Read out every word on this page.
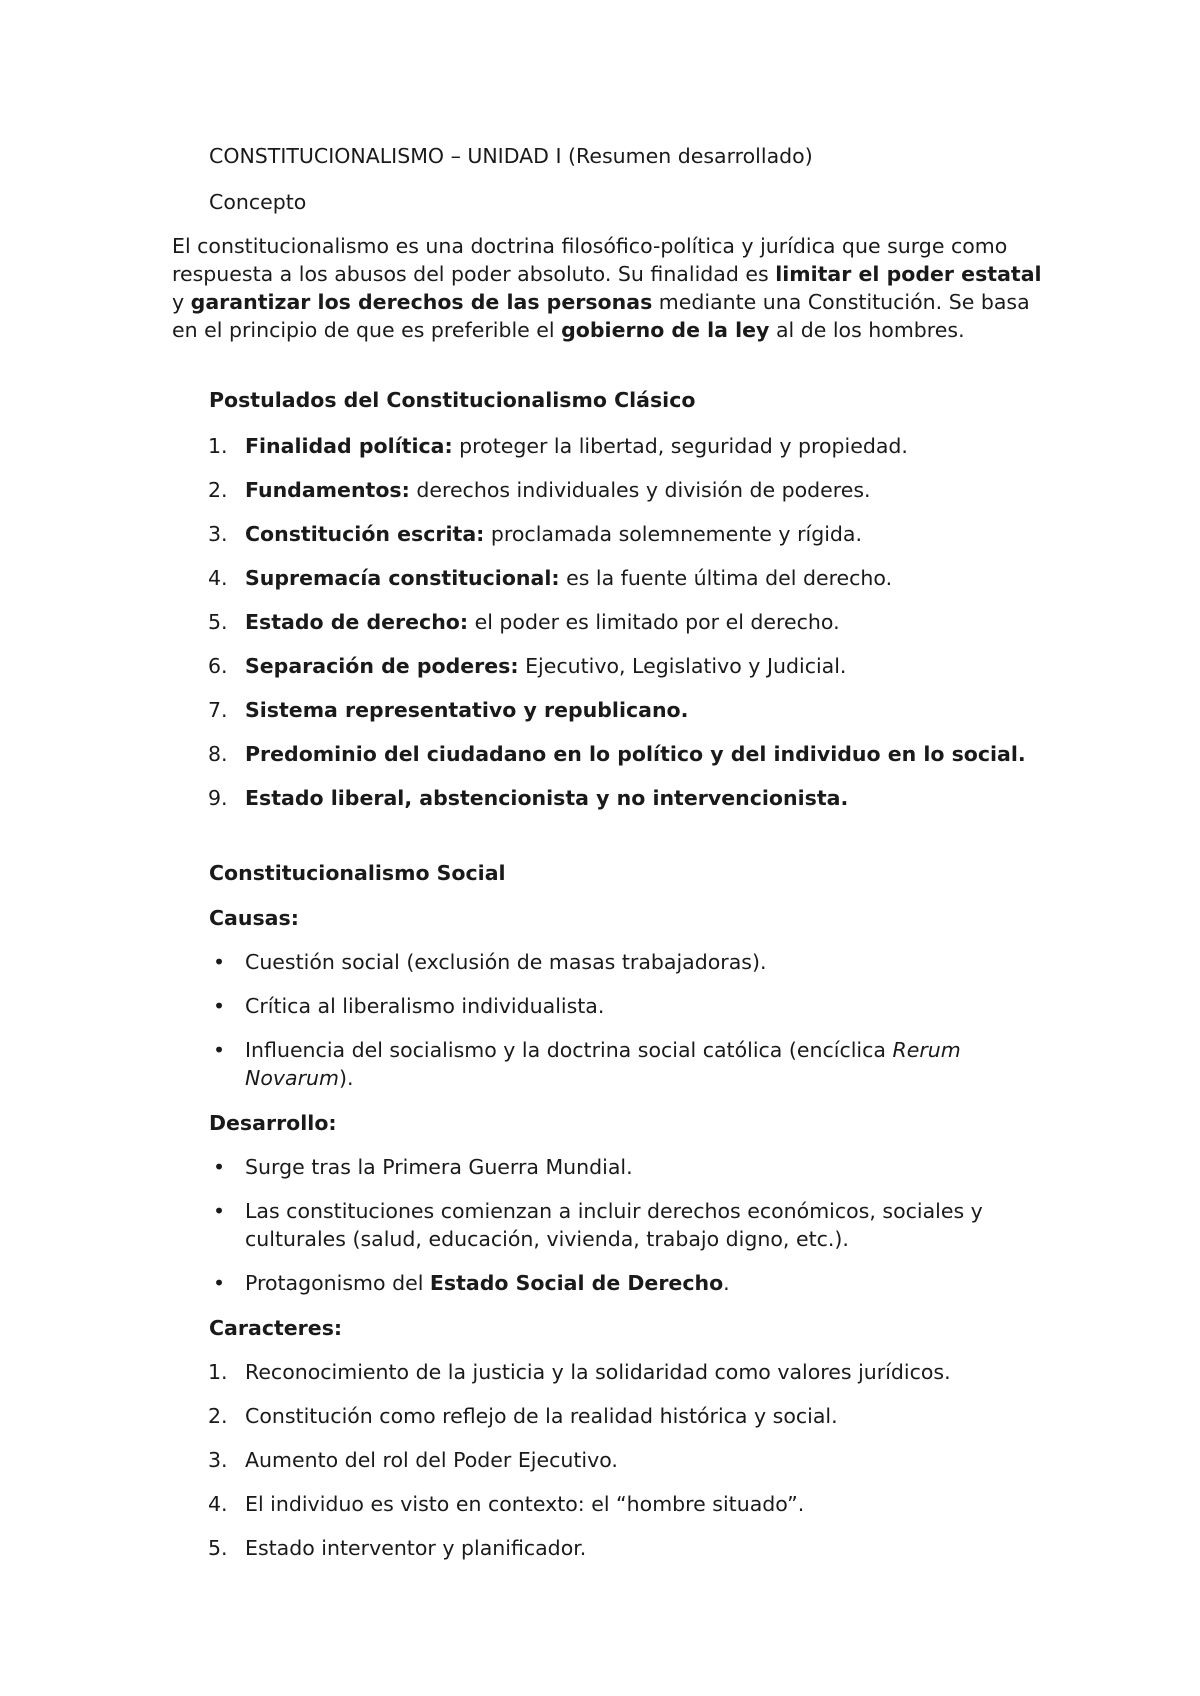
CONSTITUCIONALISMO – UNIDAD I (Resumen desarrollado)
Concepto

El constitucionalismo es una doctrina filosófico-política y jurídica que surge como respuesta a los abusos del poder absoluto. Su finalidad es limitar el poder estatal y garantizar los derechos de las personas mediante una Constitución. Se basa en el principio de que es preferible el gobierno de la ley al de los hombres.

Postulados del Constitucionalismo Clásico
1. Finalidad política: proteger la libertad, seguridad y propiedad.
2. Fundamentos: derechos individuales y división de poderes.
3. Constitución escrita: proclamada solemnemente y rígida.
4. Supremacía constitucional: es la fuente última del derecho.
5. Estado de derecho: el poder es limitado por el derecho.
6. Separación de poderes: Ejecutivo, Legislativo y Judicial.
7. Sistema representativo y republicano.
8. Predominio del ciudadano en lo político y del individuo en lo social.
9. Estado liberal, abstencionista y no intervencionista.
Constitucionalismo Social
Causas:
• Cuestión social (exclusión de masas trabajadoras).
• Crítica al liberalismo individualista.
• Influencia del socialismo y la doctrina social católica (encíclica Rerum Novarum).
Desarrollo:
• Surge tras la Primera Guerra Mundial.
• Las constituciones comienzan a incluir derechos económicos, sociales y culturales (salud, educación, vivienda, trabajo digno, etc.).
• Protagonismo del Estado Social de Derecho.
Caracteres:
1. Reconocimiento de la justicia y la solidaridad como valores jurídicos.
2. Constitución como reflejo de la realidad histórica y social.
3. Aumento del rol del Poder Ejecutivo.
4. El individuo es visto en contexto: el “hombre situado”.
5. Estado interventor y planificador.
